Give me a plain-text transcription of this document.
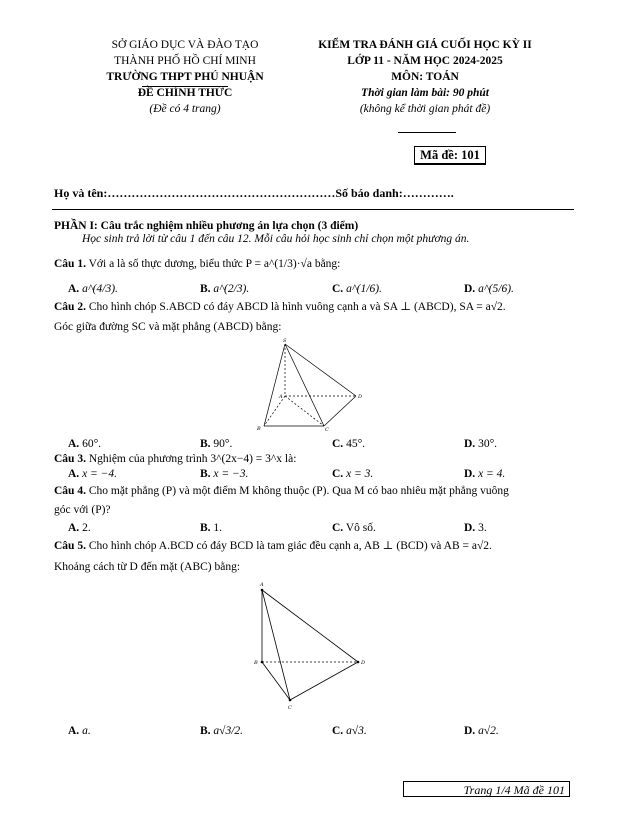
SỞ GIÁO DỤC VÀ ĐÀO TẠO
THÀNH PHỐ HỒ CHÍ MINH
TRƯỜNG THPT PHÚ NHUẬN
ĐỀ CHÍNH THỨC
(Đề có 4 trang)
KIỂM TRA ĐÁNH GIÁ CUỐI HỌC KỲ II
LỚP 11 - NĂM HỌC 2024-2025
MÔN: TOÁN
Thời gian làm bài: 90 phút
(không kể thời gian phát đề)
Mã đề: 101
Họ và tên:…………………………………………………Số báo danh:………….
PHẦN I: Câu trắc nghiệm nhiều phương án lựa chọn (3 điểm)
Học sinh trả lời từ câu 1 đến câu 12. Mỗi câu hỏi học sinh chỉ chọn một phương án.
Câu 1. Với a là số thực dương, biểu thức P = a^(1/3)·√a bằng:
A. a^(4/3).	B. a^(2/3).	C. a^(1/6).	D. a^(5/6).
Câu 2. Cho hình chóp S.ABCD có đáy ABCD là hình vuông cạnh a và SA ⊥ (ABCD), SA = a√2.
Góc giữa đường SC và mặt phẳng (ABCD) bằng:
S
A
B	C
D
A. 60°.	B. 90°.	C. 45°.	D. 30°.
Câu 3. Nghiệm của phương trình 3^(2x−4) = 3^x là:
A. x = −4.	B. x = −3.	C. x = 3.	D. x = 4.
Câu 4. Cho mặt phẳng (P) và một điểm M không thuộc (P). Qua M có bao nhiêu mặt phẳng vuông
góc với (P)?
A. 2.	B. 1.	C. Vô số.	D. 3.
Câu 5. Cho hình chóp A.BCD có đáy BCD là tam giác đều cạnh a, AB ⊥ (BCD) và AB = a√2.
Khoảng cách từ D đến mặt (ABC) bằng:
A
B
C
D
A. a.	B. a√3/2.	C. a√3.	D. a√2.
Trang 1/4 Mã đề 101
